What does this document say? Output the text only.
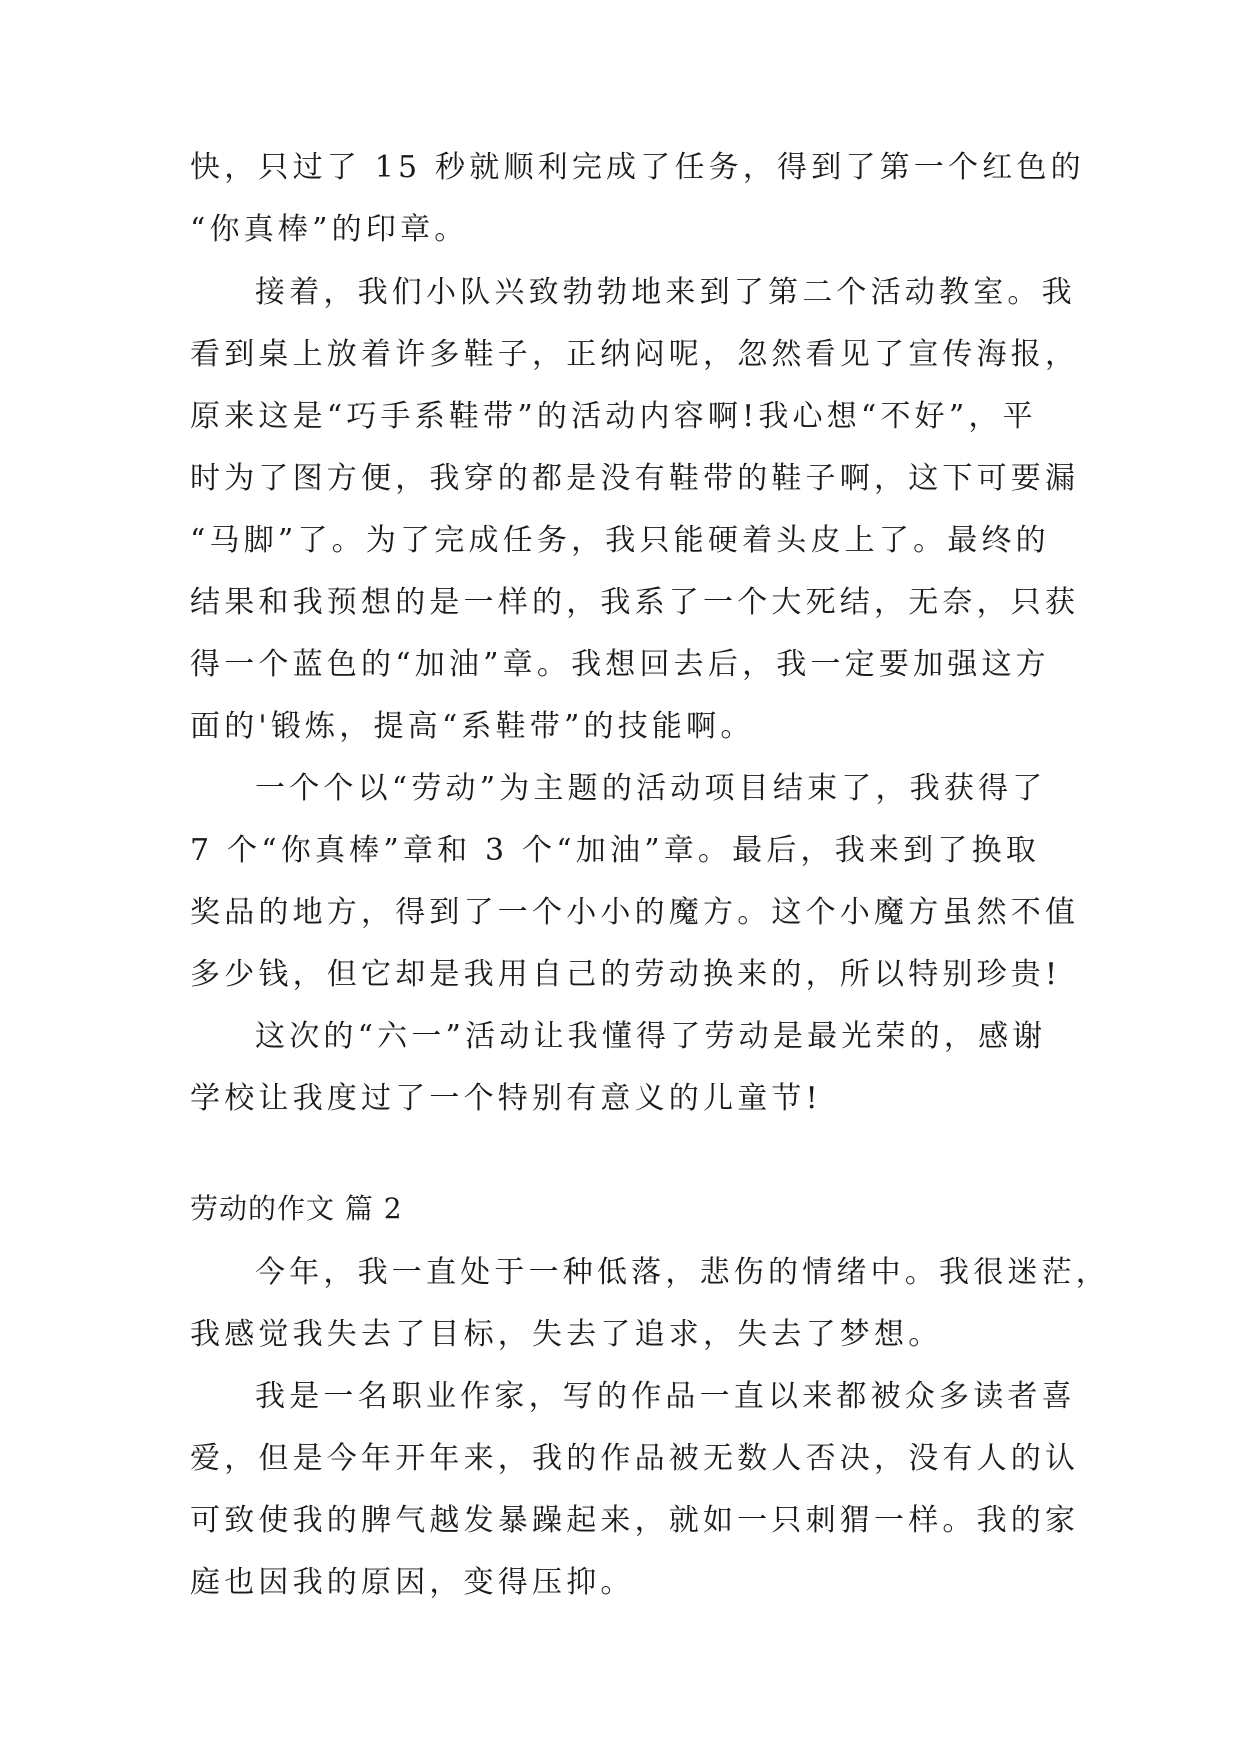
快，只过了 15 秒就顺利完成了任务，得到了第一个红色的
“你真棒”的印章。
接着，我们小队兴致勃勃地来到了第二个活动教室。我
看到桌上放着许多鞋子，正纳闷呢，忽然看见了宣传海报，
原来这是“巧手系鞋带”的活动内容啊!我心想“不好”，平
时为了图方便，我穿的都是没有鞋带的鞋子啊，这下可要漏
“马脚”了。为了完成任务，我只能硬着头皮上了。最终的
结果和我预想的是一样的，我系了一个大死结，无奈，只获
得一个蓝色的“加油”章。我想回去后，我一定要加强这方
面的'锻炼，提高“系鞋带”的技能啊。
一个个以“劳动”为主题的活动项目结束了，我获得了
7 个“你真棒”章和 3 个“加油”章。最后，我来到了换取
奖品的地方，得到了一个小小的魔方。这个小魔方虽然不值
多少钱，但它却是我用自己的劳动换来的，所以特别珍贵!
这次的“六一”活动让我懂得了劳动是最光荣的，感谢
学校让我度过了一个特别有意义的儿童节!
劳动的作文 篇 2
今年，我一直处于一种低落，悲伤的情绪中。我很迷茫，
我感觉我失去了目标，失去了追求，失去了梦想。
我是一名职业作家，写的作品一直以来都被众多读者喜
爱，但是今年开年来，我的作品被无数人否决，没有人的认
可致使我的脾气越发暴躁起来，就如一只刺猬一样。我的家
庭也因我的原因，变得压抑。
